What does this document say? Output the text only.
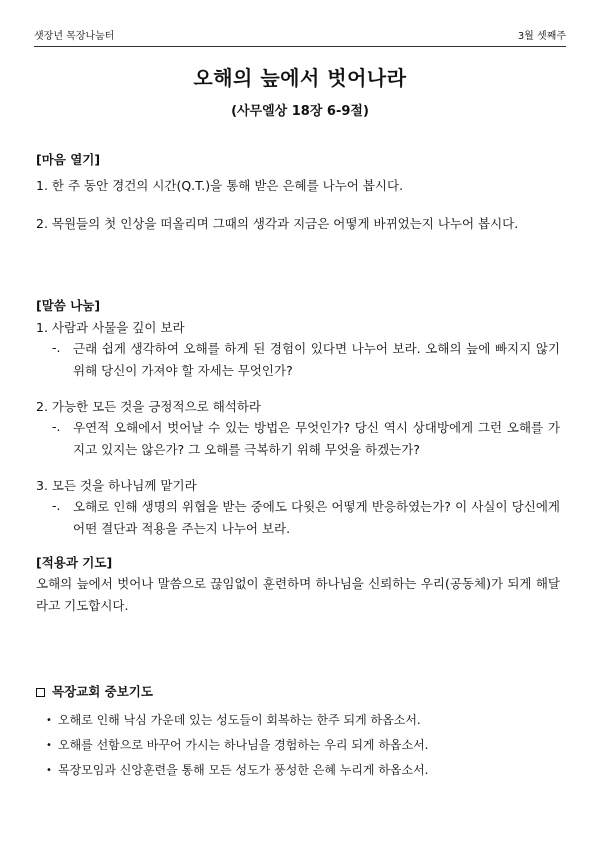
샛장년 목장나눔터	3월 셋째주
오해의 늪에서 벗어나라
(사무엘상 18장 6-9절)
[마음 열기]
1. 한 주 동안 경건의 시간(Q.T.)을 통해 받은 은혜를 나누어 봅시다.
2. 목원들의 첫 인상을 떠올리며 그때의 생각과 지금은 어떻게 바뀌었는지 나누어 봅시다.
[말씀 나눔]
1. 사람과 사물을 깊이 보라
-.	근래 쉽게 생각하여 오해를 하게 된 경험이 있다면 나누어 보라. 오해의 늪에 빠지지 않기 위해 당신이 가져야 할 자세는 무엇인가?
2. 가능한 모든 것을 긍정적으로 해석하라
-.	우연적 오해에서 벗어날 수 있는 방법은 무엇인가? 당신 역시 상대방에게 그런 오해를 가지고 있지는 않은가? 그 오해를 극복하기 위해 무엇을 하겠는가?
3. 모든 것을 하나님께 맡기라
-.	오해로 인해 생명의 위협을 받는 중에도 다윗은 어떻게 반응하였는가? 이 사실이 당신에게 어떤 결단과 적용을 주는지 나누어 보라.
[적용과 기도]
오해의 늪에서 벗어나 말씀으로 끊임없이 훈련하며 하나님을 신뢰하는 우리(공동체)가 되게 해달라고 기도합시다.
목장교회 중보기도
• 오해로 인해 낙심 가운데 있는 성도들이 회복하는 한주 되게 하옵소서.
• 오해를 선함으로 바꾸어 가시는 하나님을 경험하는 우리 되게 하옵소서.
• 목장모임과 신앙훈련을 통해 모든 성도가 풍성한 은혜 누리게 하옵소서.
